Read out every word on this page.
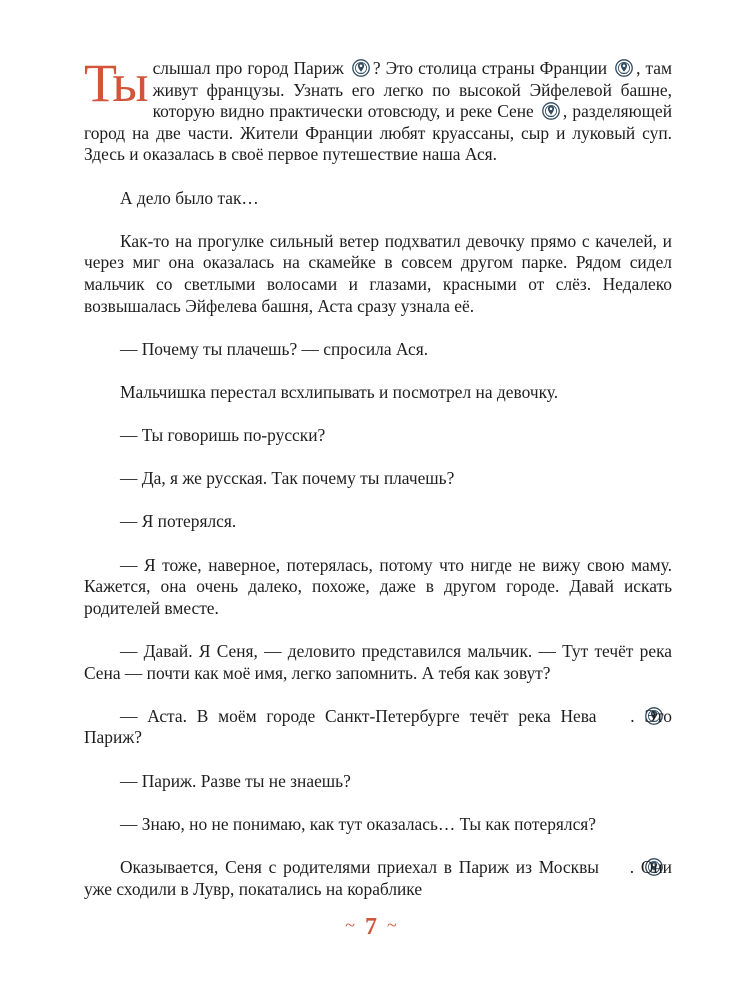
Ты слышал про город Париж ? Это столица страны Франции , там живут французы. Узнать его легко по высокой Эйфелевой башне, которую видно практически отовсюду, и реке Сене , разделяющей город на две части. Жители Франции любят круассаны, сыр и луковый суп. Здесь и оказалась в своё первое путешествие наша Ася.

А дело было так…

Как-то на прогулке сильный ветер подхватил девочку прямо с качелей, и через миг она оказалась на скамейке в совсем другом парке. Рядом сидел мальчик со светлыми волосами и глазами, красными от слёз. Недалеко возвышалась Эйфелева башня, Аста сразу узнала её.

— Почему ты плачешь? — спросила Ася.

Мальчишка перестал всхлипывать и посмотрел на девочку.

— Ты говоришь по-русски?

— Да, я же русская. Так почему ты плачешь?

— Я потерялся.

— Я тоже, наверное, потерялась, потому что нигде не вижу свою маму. Кажется, она очень далеко, похоже, даже в другом городе. Давай искать родителей вместе.

— Давай. Я Сеня, — деловито представился мальчик. — Тут течёт река Сена — почти как моё имя, легко запомнить. А тебя как зовут?

— Аста. В моём городе Санкт-Петербурге течёт река Нева . Это Париж?

— Париж. Разве ты не знаешь?

— Знаю, но не понимаю, как тут оказалась… Ты как потерялся?

Оказывается, Сеня с родителями приехал в Париж из Москвы . Они уже сходили в Лувр, покатались на кораблике

~ 7 ~
